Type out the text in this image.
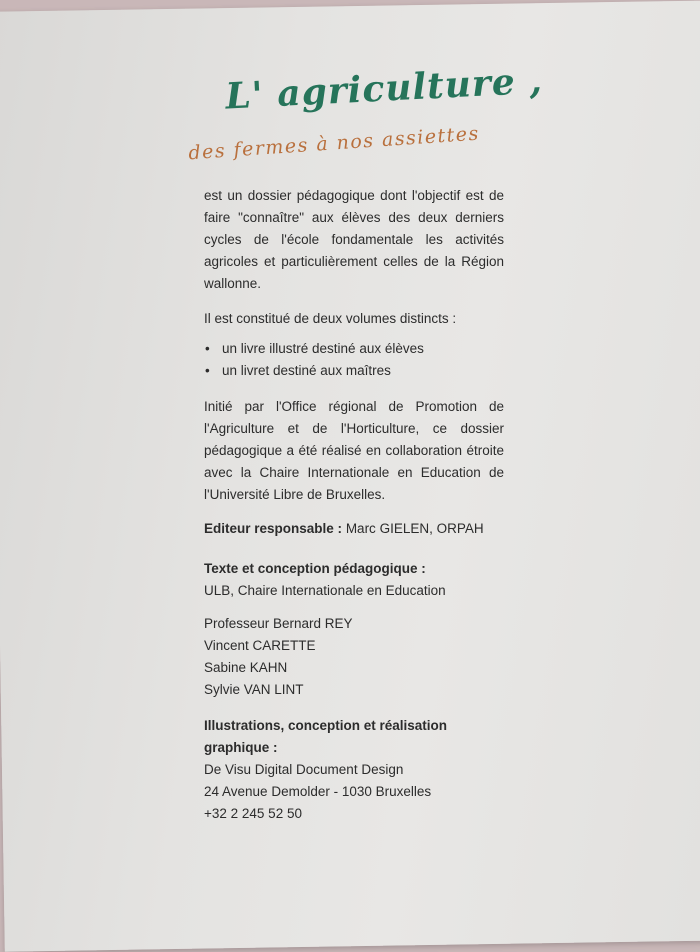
L' agriculture ,

des fermes à nos assiettes

est un dossier pédagogique dont l'objectif est de faire "connaître" aux élèves des deux derniers cycles de l'école fondamentale les activités agricoles et particulièrement celles de la Région wallonne.

Il est constitué de deux volumes distincts :

• un livre illustré destiné aux élèves
• un livret destiné aux maîtres

Initié par l'Office régional de Promotion de l'Agriculture et de l'Horticulture, ce dossier pédagogique a été réalisé en collaboration étroite avec la Chaire Internationale en Education de l'Université Libre de Bruxelles.

Editeur responsable : Marc GIELEN, ORPAH

Texte et conception pédagogique :

ULB, Chaire Internationale en Education

Professeur Bernard REY

Vincent CARETTE

Sabine KAHN

Sylvie VAN LINT

Illustrations, conception et réalisation graphique :

De Visu Digital Document Design

24 Avenue Demolder - 1030 Bruxelles

+32 2 245 52 50
